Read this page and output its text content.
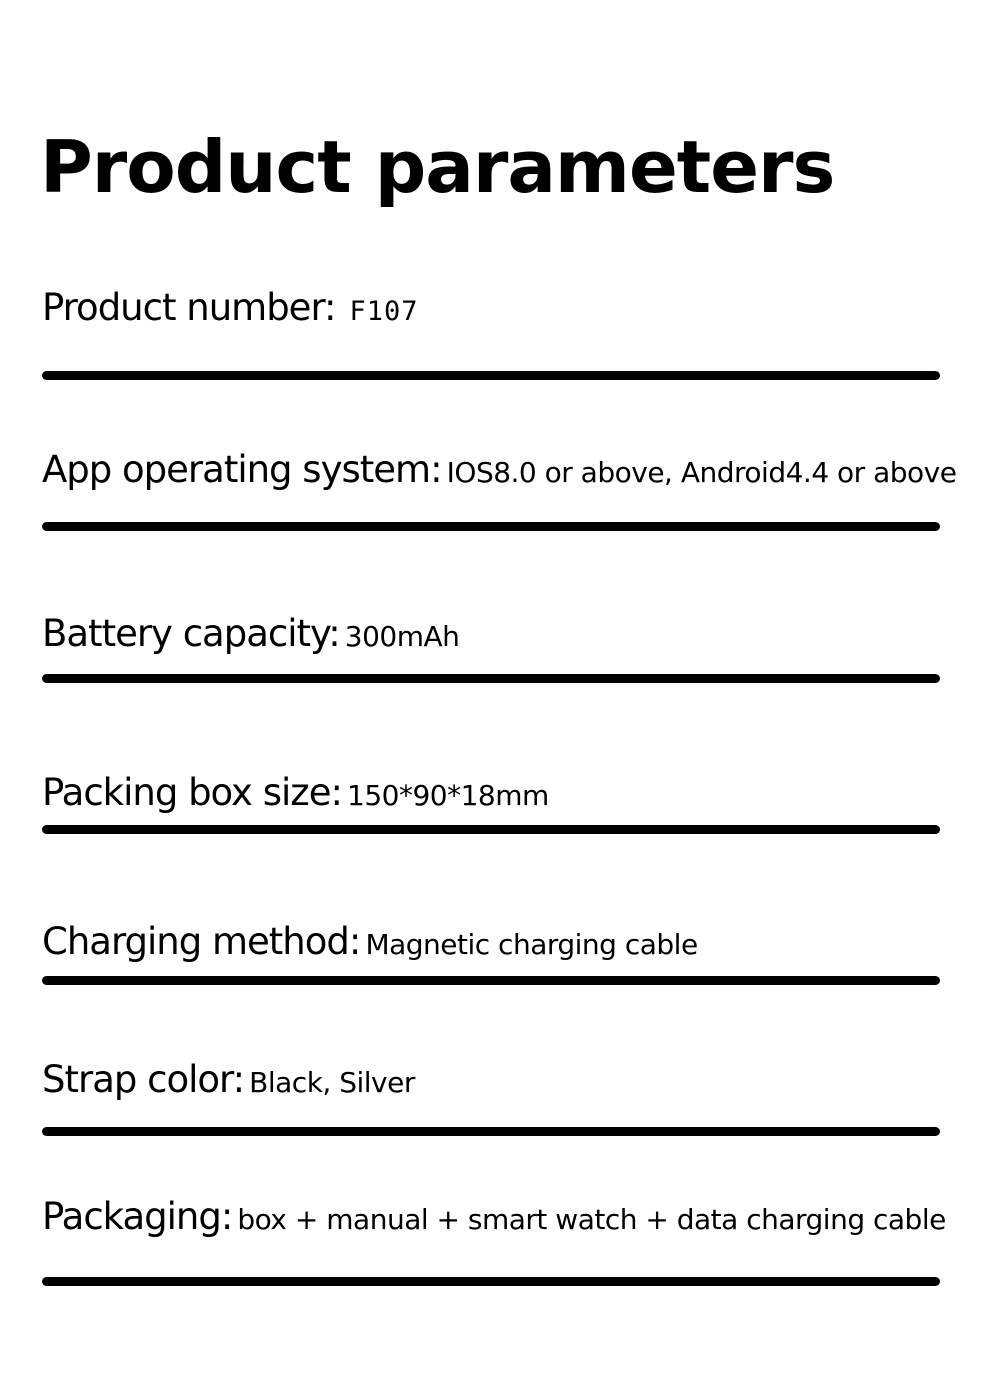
Product parameters
Product number: F107
App operating system: IOS8.0 or above, Android4.4 or above
Battery capacity: 300mAh
Packing box size: 150*90*18mm
Charging method: Magnetic charging cable
Strap color: Black, Silver
Packaging: box + manual + smart watch + data charging cable
